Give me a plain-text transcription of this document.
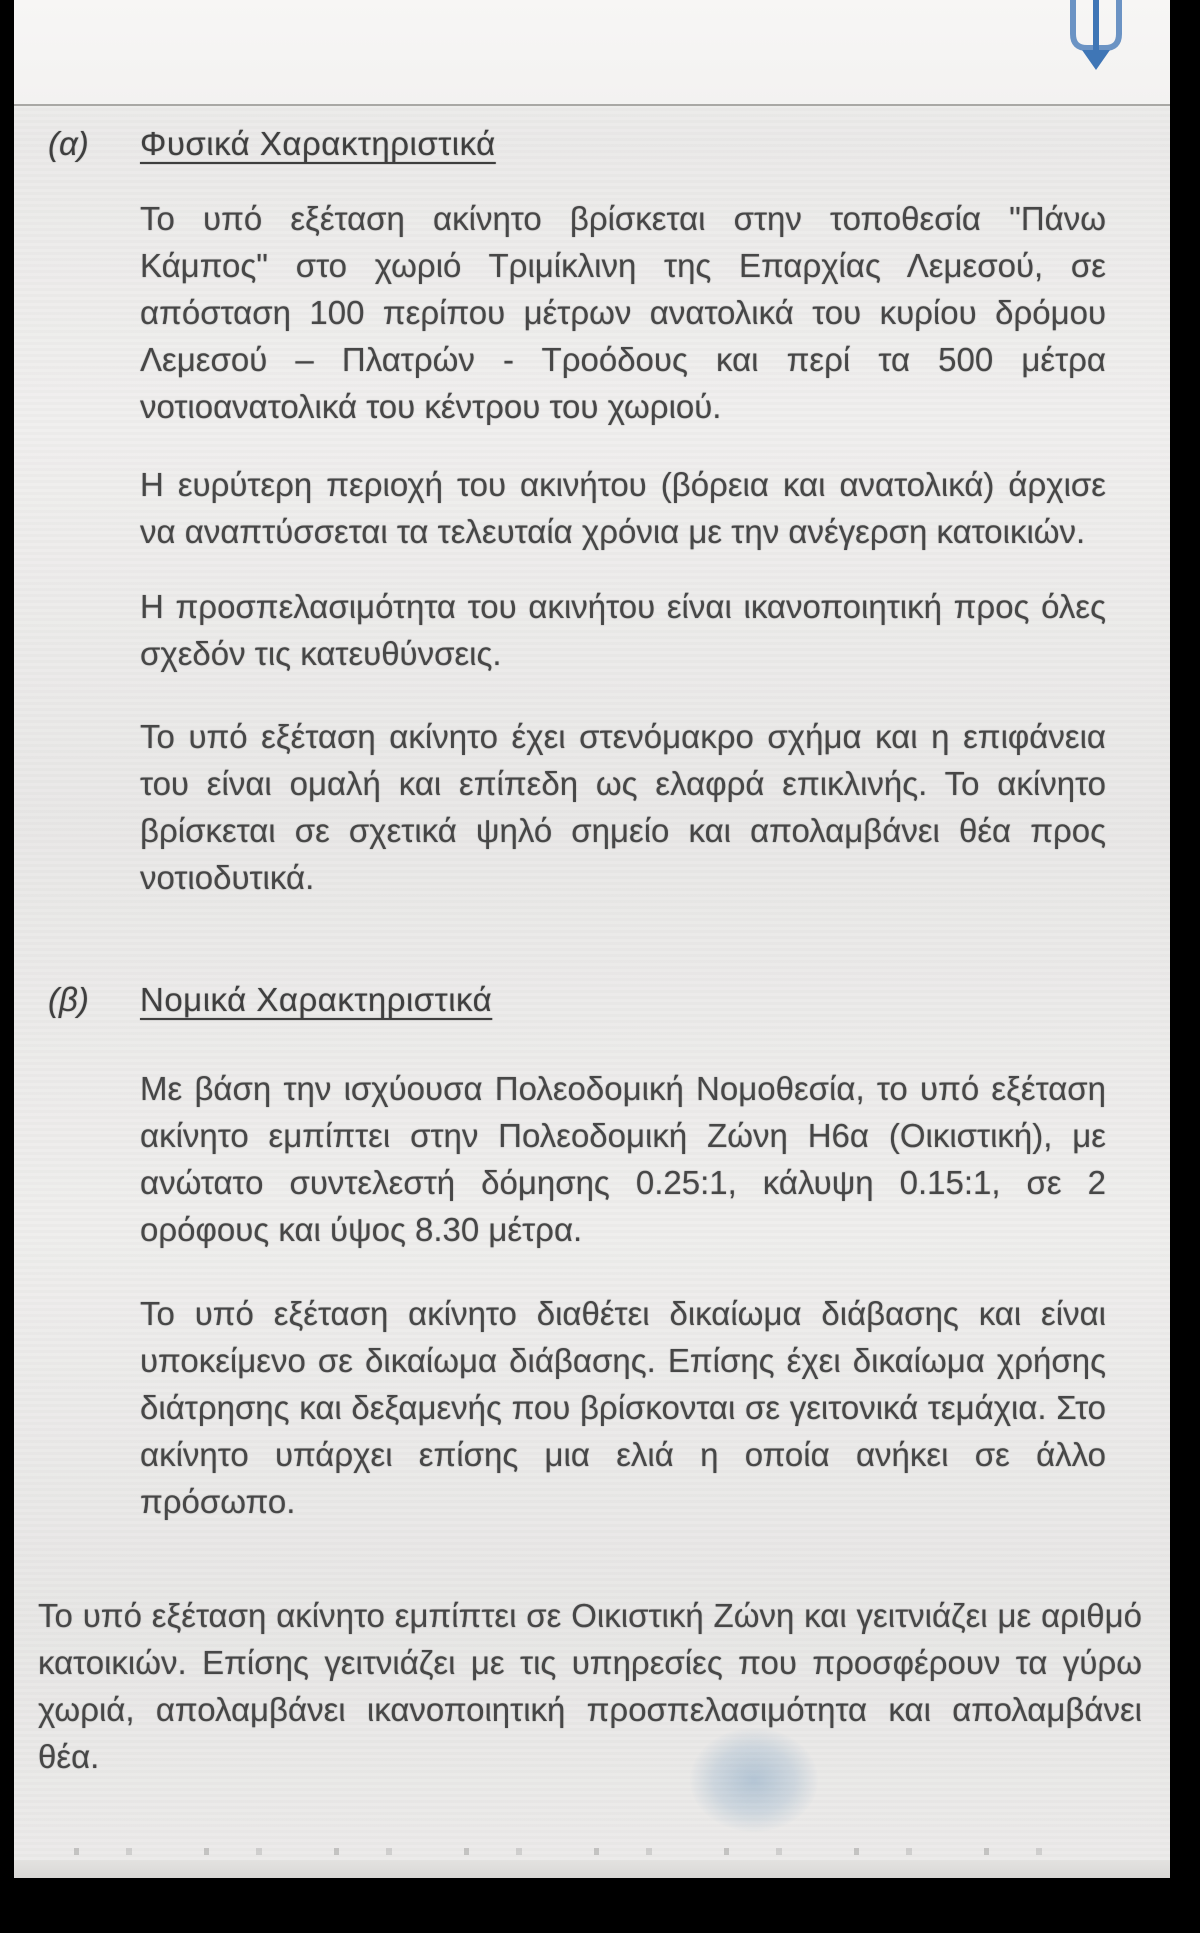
(α) Φυσικά Χαρακτηριστικά

Το υπό εξέταση ακίνητο βρίσκεται στην τοποθεσία "Πάνω Κάμπος" στο χωριό Τριμίκλινη της Επαρχίας Λεμεσού, σε απόσταση 100 περίπου μέτρων ανατολικά του κυρίου δρόμου Λεμεσού – Πλατρών - Τροόδους και περί τα 500 μέτρα νοτιοανατολικά του κέντρου του χωριού.

Η ευρύτερη περιοχή του ακινήτου (βόρεια και ανατολικά) άρχισε να αναπτύσσεται τα τελευταία χρόνια με την ανέγερση κατοικιών.

Η προσπελασιμότητα του ακινήτου είναι ικανοποιητική προς όλες σχεδόν τις κατευθύνσεις.

Το υπό εξέταση ακίνητο έχει στενόμακρο σχήμα και η επιφάνεια του είναι ομαλή και επίπεδη ως ελαφρά επικλινής. Το ακίνητο βρίσκεται σε σχετικά ψηλό σημείο και απολαμβάνει θέα προς νοτιοδυτικά.

(β) Νομικά Χαρακτηριστικά

Με βάση την ισχύουσα Πολεοδομική Νομοθεσία, το υπό εξέταση ακίνητο εμπίπτει στην Πολεοδομική Ζώνη Η6α (Οικιστική), με ανώτατο συντελεστή δόμησης 0.25:1, κάλυψη 0.15:1, σε 2 ορόφους και ύψος 8.30 μέτρα.

Το υπό εξέταση ακίνητο διαθέτει δικαίωμα διάβασης και είναι υποκείμενο σε δικαίωμα διάβασης. Επίσης έχει δικαίωμα χρήσης διάτρησης και δεξαμενής που βρίσκονται σε γειτονικά τεμάχια. Στο ακίνητο υπάρχει επίσης μια ελιά η οποία ανήκει σε άλλο πρόσωπο.

Το υπό εξέταση ακίνητο εμπίπτει σε Οικιστική Ζώνη και γειτνιάζει με αριθμό κατοικιών. Επίσης γειτνιάζει με τις υπηρεσίες που προσφέρουν τα γύρω χωριά, απολαμβάνει ικανοποιητική προσπελασιμότητα και απολαμβάνει θέα.
